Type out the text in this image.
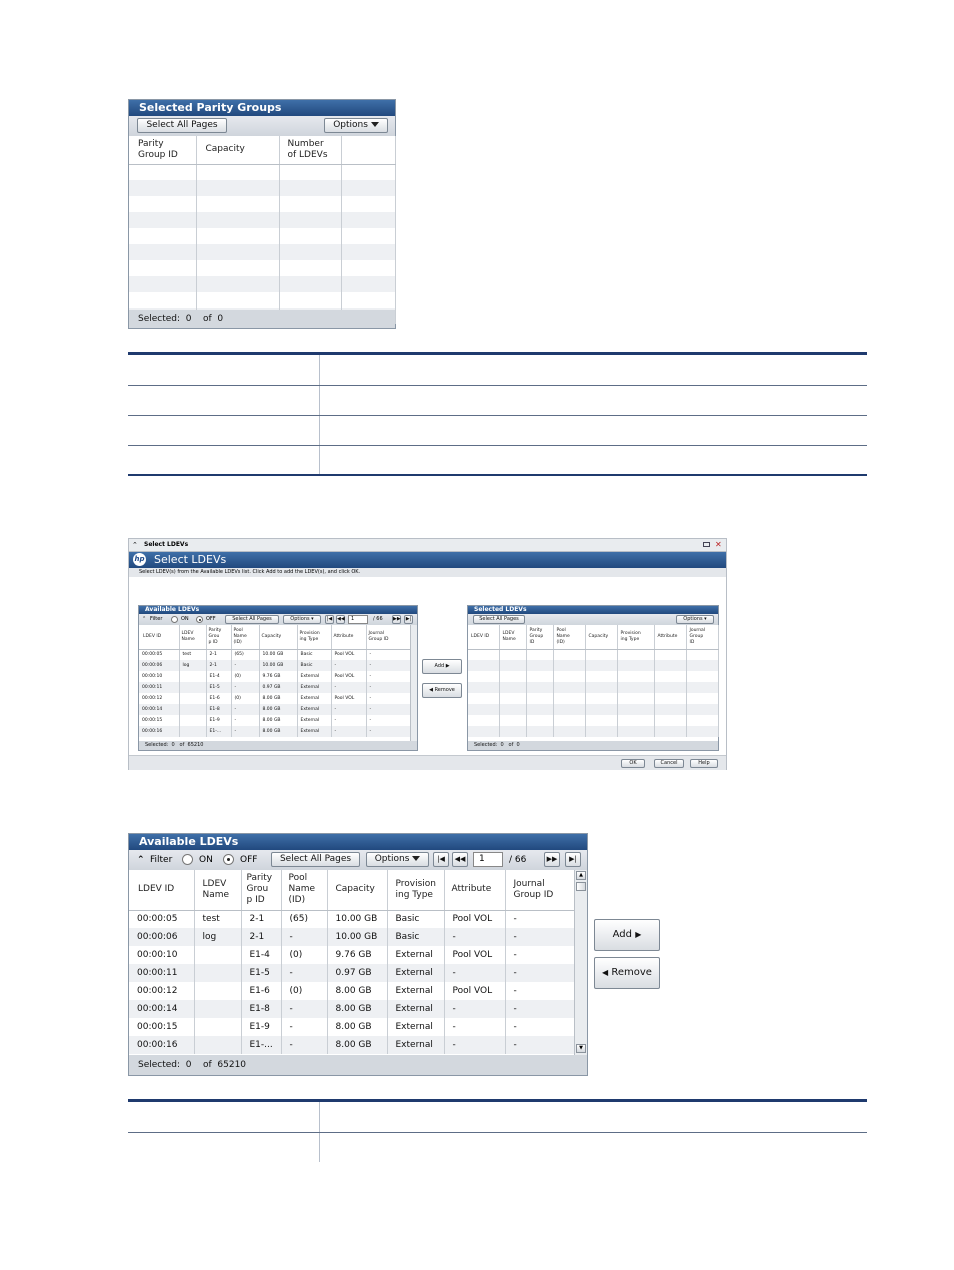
Selected Parity Groups
Select All Pages	Options
Parity
Group ID	Capacity	Number
of LDEVs	

Selected: 0 of 0

⌃ Select LDEVs	✕
hp Select LDEVs
Select LDEV(s) from the Available LDEVs list. Click Add to add the LDEV(s), and click OK.
Available LDEVs
⌃ Filter	ON	OFF	Select All Pages	Options ▾	|◀ ◀◀	1	/ 66 ▶▶	▶|
LDEV ID	LDEV
Name	Parity
Grou
p ID	Pool
Name
(ID)	Capacity	Provision
ing Type	Attribute	Journal
Group ID
00:00:05	test	2-1	(65)	10.00 GB	Basic	Pool VOL	-
00:00:06	log	2-1	-	10.00 GB	Basic	-	-
00:00:10		E1-4	(0)	9.76 GB	External	Pool VOL	-
00:00:11		E1-5	-	0.97 GB	External	-	-
00:00:12		E1-6	(0)	8.00 GB	External	Pool VOL	-
00:00:14		E1-8	-	8.00 GB	External	-	-
00:00:15		E1-9	-	8.00 GB	External	-	-
00:00:16		E1-...	-	8.00 GB	External	-	-
Selected: 0 of 65210
Add ▶
◀ Remove
Selected LDEVs
Select All Pages	Options ▾
LDEV ID	LDEV
Name	Parity
Group
ID	Pool
Name
(ID)	Capacity	Provision
ing Type	Attribute	Journal
Group
ID

Selected: 0 of 0
OK	Cancel	Help
Available LDEVs
⌃ Filter	ON	OFF	Select All Pages	Options	|◀	◀◀	1	/ 66	▶▶	▶|
LDEV ID	LDEV
Name	Parity
Grou
p ID	Pool
Name
(ID)	Capacity	Provision
ing Type	Attribute	Journal
Group ID
00:00:05	test	2-1	(65)	10.00 GB	Basic	Pool VOL	-
00:00:06	log	2-1	-	10.00 GB	Basic	-	-
00:00:10		E1-4	(0)	9.76 GB	External	Pool VOL	-
00:00:11		E1-5	-	0.97 GB	External	-	-
00:00:12		E1-6	(0)	8.00 GB	External	Pool VOL	-
00:00:14		E1-8	-	8.00 GB	External	-	-
00:00:15		E1-9	-	8.00 GB	External	-	-
00:00:16		E1-...	-	8.00 GB	External	-	-
▲
▼
Selected: 0 of 65210
Add ▶
◀ Remove
